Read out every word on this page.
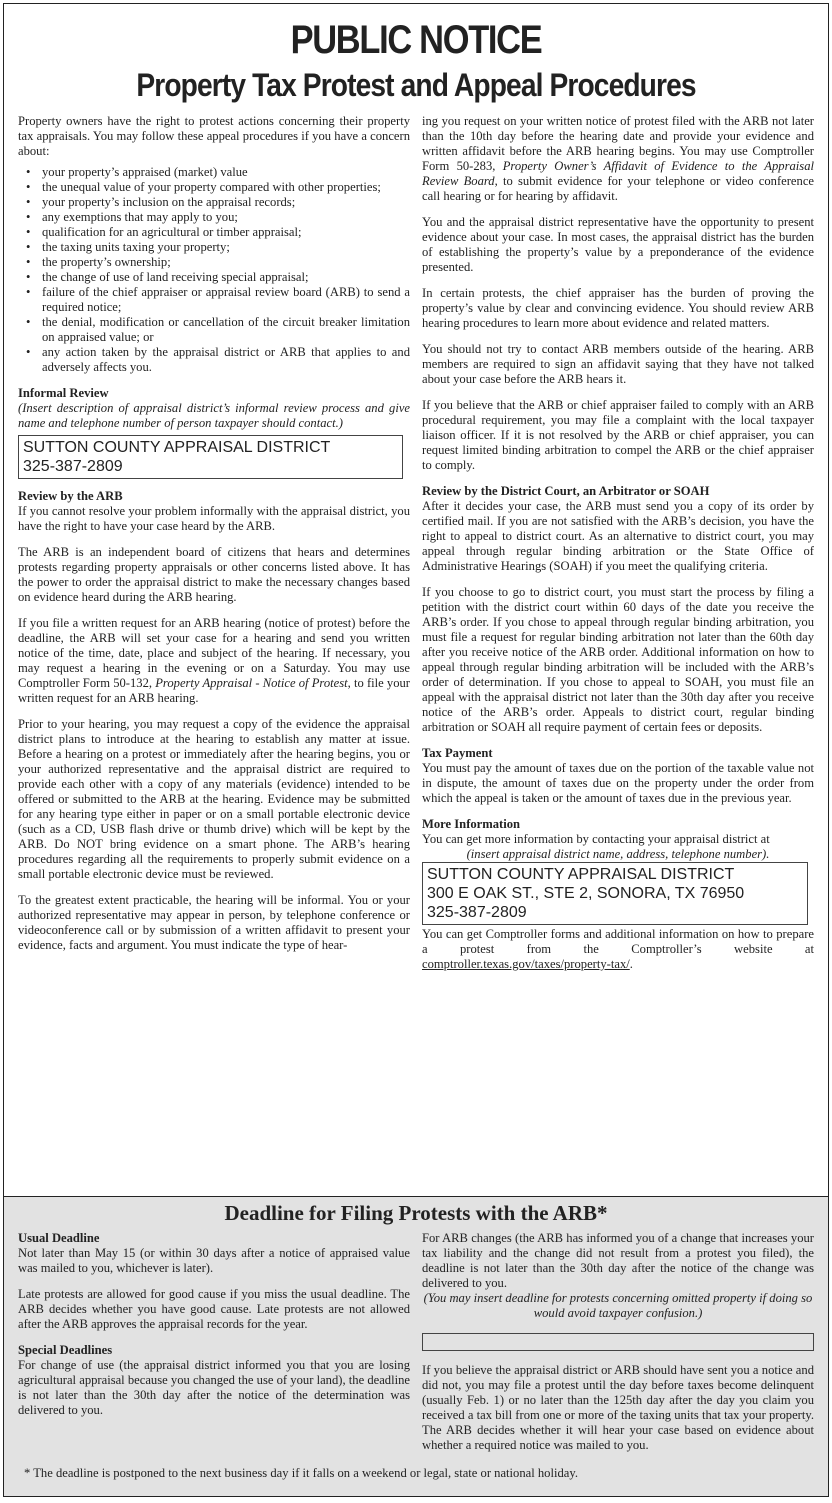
PUBLIC NOTICE
Property Tax Protest and Appeal Procedures

Property owners have the right to protest actions concerning their property tax appraisals. You may follow these appeal procedures if you have a concern about:

• your property’s appraised (market) value
• the unequal value of your property compared with other properties;
• your property’s inclusion on the appraisal records;
• any exemptions that may apply to you;
• qualification for an agricultural or timber appraisal;
• the taxing units taxing your property;
• the property’s ownership;
• the change of use of land receiving special appraisal;
• failure of the chief appraiser or appraisal review board (ARB) to send a required notice;
• the denial, modification or cancellation of the circuit breaker limitation on appraised value; or
• any action taken by the appraisal district or ARB that applies to and adversely affects you.
Informal Review

(Insert description of appraisal district’s informal review process and give name and telephone number of person taxpayer should contact.)

SUTTON COUNTY APPRAISAL DISTRICT
325-387-2809
Review by the ARB

If you cannot resolve your problem informally with the appraisal district, you have the right to have your case heard by the ARB.

The ARB is an independent board of citizens that hears and determines protests regarding property appraisals or other concerns listed above. It has the power to order the appraisal district to make the necessary changes based on evidence heard during the ARB hearing.

If you file a written request for an ARB hearing (notice of protest) before the deadline, the ARB will set your case for a hearing and send you written notice of the time, date, place and subject of the hearing. If necessary, you may request a hearing in the evening or on a Saturday. You may use Comptroller Form 50-132, Property Appraisal - Notice of Protest, to file your written request for an ARB hearing.

Prior to your hearing, you may request a copy of the evidence the appraisal district plans to introduce at the hearing to establish any matter at issue. Before a hearing on a protest or immediately after the hearing begins, you or your authorized representative and the appraisal district are required to provide each other with a copy of any materials (evidence) intended to be offered or submitted to the ARB at the hearing. Evidence may be submitted for any hearing type either in paper or on a small portable electronic device (such as a CD, USB flash drive or thumb drive) which will be kept by the ARB. Do NOT bring evidence on a smart phone. The ARB’s hearing procedures regarding all the requirements to properly submit evidence on a small portable electronic device must be reviewed.

To the greatest extent practicable, the hearing will be informal. You or your authorized representative may appear in person, by telephone conference or videoconference call or by submission of a written affidavit to present your evidence, facts and argument. You must indicate the type of hear-

ing you request on your written notice of protest filed with the ARB not later than the 10th day before the hearing date and provide your evidence and written affidavit before the ARB hearing begins. You may use Comptroller Form 50-283, Property Owner’s Affidavit of Evidence to the Appraisal Review Board, to submit evidence for your telephone or video conference call hearing or for hearing by affidavit.

You and the appraisal district representative have the opportunity to present evidence about your case. In most cases, the appraisal district has the burden of establishing the property’s value by a preponderance of the evidence presented.

In certain protests, the chief appraiser has the burden of proving the property’s value by clear and convincing evidence. You should review ARB hearing procedures to learn more about evidence and related matters.

You should not try to contact ARB members outside of the hearing. ARB members are required to sign an affidavit saying that they have not talked about your case before the ARB hears it.

If you believe that the ARB or chief appraiser failed to comply with an ARB procedural requirement, you may file a complaint with the local taxpayer liaison officer. If it is not resolved by the ARB or chief appraiser, you can request limited binding arbitration to compel the ARB or the chief appraiser to comply.

Review by the District Court, an Arbitrator or SOAH

After it decides your case, the ARB must send you a copy of its order by certified mail. If you are not satisfied with the ARB’s decision, you have the right to appeal to district court. As an alternative to district court, you may appeal through regular binding arbitration or the State Office of Administrative Hearings (SOAH) if you meet the qualifying criteria.

If you choose to go to district court, you must start the process by filing a petition with the district court within 60 days of the date you receive the ARB’s order. If you chose to appeal through regular binding arbitration, you must file a request for regular binding arbitration not later than the 60th day after you receive notice of the ARB order. Additional information on how to appeal through regular binding arbitration will be included with the ARB’s order of determination. If you chose to appeal to SOAH, you must file an appeal with the appraisal district not later than the 30th day after you receive notice of the ARB’s order. Appeals to district court, regular binding arbitration or SOAH all require payment of certain fees or deposits.

Tax Payment

You must pay the amount of taxes due on the portion of the taxable value not in dispute, the amount of taxes due on the property under the order from which the appeal is taken or the amount of taxes due in the previous year.

More Information

You can get more information by contacting your appraisal district at

(insert appraisal district name, address, telephone number).

SUTTON COUNTY APPRAISAL DISTRICT
300 E OAK ST., STE 2, SONORA, TX 76950
325-387-2809

You can get Comptroller forms and additional information on how to prepare a protest from the Comptroller’s website at comptroller.texas.gov/taxes/property-tax/.

Deadline for Filing Protests with the ARB*
Usual Deadline

Not later than May 15 (or within 30 days after a notice of appraised value was mailed to you, whichever is later).

Late protests are allowed for good cause if you miss the usual deadline. The ARB decides whether you have good cause. Late protests are not allowed after the ARB approves the appraisal records for the year.

Special Deadlines

For change of use (the appraisal district informed you that you are losing agricultural appraisal because you changed the use of your land), the deadline is not later than the 30th day after the notice of the determination was delivered to you.

For ARB changes (the ARB has informed you of a change that increases your tax liability and the change did not result from a protest you filed), the deadline is not later than the 30th day after the notice of the change was delivered to you.

(You may insert deadline for protests concerning omitted property if doing so would avoid taxpayer confusion.)

If you believe the appraisal district or ARB should have sent you a notice and did not, you may file a protest until the day before taxes become delinquent (usually Feb. 1) or no later than the 125th day after the day you claim you received a tax bill from one or more of the taxing units that tax your property. The ARB decides whether it will hear your case based on evidence about whether a required notice was mailed to you.

* The deadline is postponed to the next business day if it falls on a weekend or legal, state or national holiday.
